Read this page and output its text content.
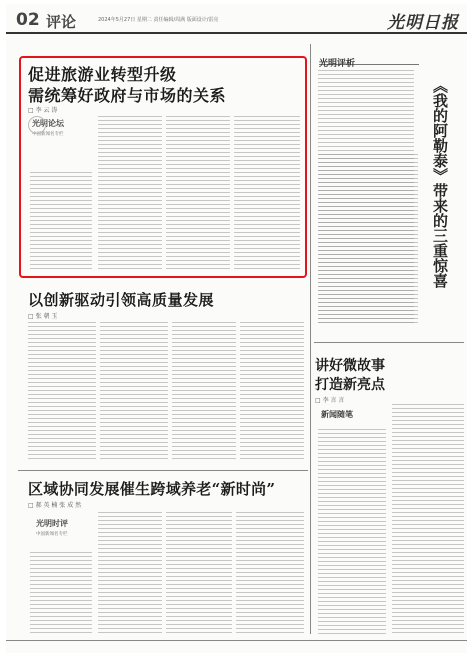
02 评论	2024年5月27日 星期二 责任编辑/周满 版面设计/雷亮	光明日报
促进旅游业转型升级
需统筹好政府与市场的关系
□ 李 云 涛
光明论坛
中国新闻名专栏
光明评析
《我的阿勒泰》带来的三重惊喜
以创新驱动引领高质量发展
□ 张 朝 玉
讲好微故事
打造新亮点
□ 李 言 言
新闻随笔
区域协同发展催生跨域养老“新时尚”
□ 郝 英 楠 张 成 然
光明时评
中国新闻名专栏
